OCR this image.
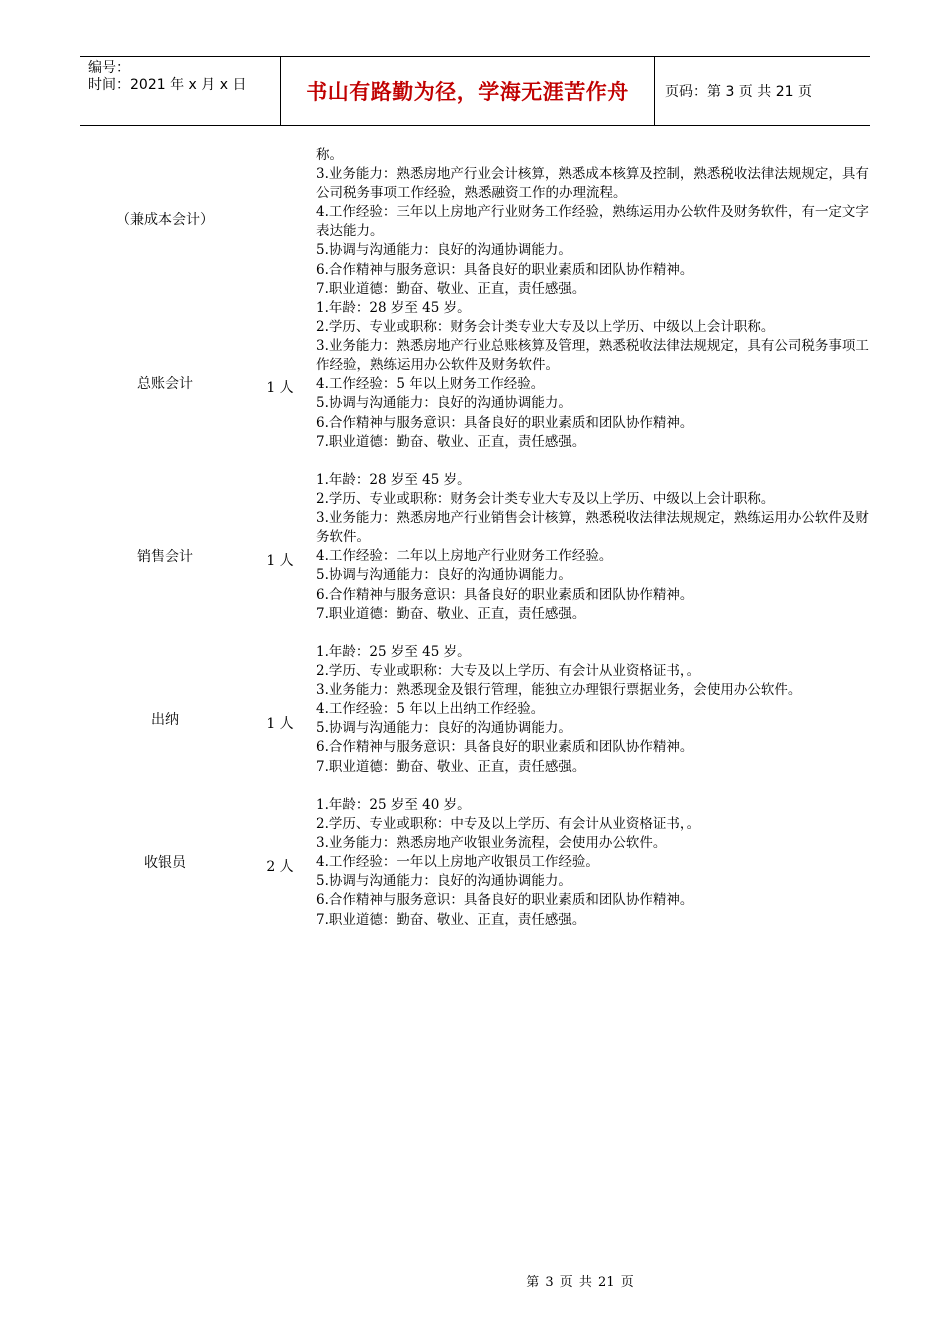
编号：
时间：2021 年 x 月 x 日	书山有路勤为径，学海无涯苦作舟	页码：第 3 页 共 21 页
（兼成本会计）
称。
3.业务能力：熟悉房地产行业会计核算，熟悉成本核算及控制，熟悉税收法律法规规定，具有公司税务事项工作经验，熟悉融资工作的办理流程。
4.工作经验：三年以上房地产行业财务工作经验，熟练运用办公软件及财务软件，有一定文字表达能力。
5.协调与沟通能力：良好的沟通协调能力。
6.合作精神与服务意识：具备良好的职业素质和团队协作精神。
7.职业道德：勤奋、敬业、正直，责任感强。
总账会计	1 人
1.年龄：28 岁至 45 岁。
2.学历、专业或职称：财务会计类专业大专及以上学历、中级以上会计职称。
3.业务能力：熟悉房地产行业总账核算及管理，熟悉税收法律法规规定，具有公司税务事项工作经验，熟练运用办公软件及财务软件。
4.工作经验：5 年以上财务工作经验。
5.协调与沟通能力：良好的沟通协调能力。
6.合作精神与服务意识：具备良好的职业素质和团队协作精神。
7.职业道德：勤奋、敬业、正直，责任感强。
销售会计	1 人
1.年龄：28 岁至 45 岁。
2.学历、专业或职称：财务会计类专业大专及以上学历、中级以上会计职称。
3.业务能力：熟悉房地产行业销售会计核算，熟悉税收法律法规规定，熟练运用办公软件及财务软件。
4.工作经验：二年以上房地产行业财务工作经验。
5.协调与沟通能力：良好的沟通协调能力。
6.合作精神与服务意识：具备良好的职业素质和团队协作精神。
7.职业道德：勤奋、敬业、正直，责任感强。
出纳	1 人
1.年龄：25 岁至 45 岁。
2.学历、专业或职称：大专及以上学历、有会计从业资格证书，。
3.业务能力：熟悉现金及银行管理，能独立办理银行票据业务，会使用办公软件。
4.工作经验：5 年以上出纳工作经验。
5.协调与沟通能力：良好的沟通协调能力。
6.合作精神与服务意识：具备良好的职业素质和团队协作精神。
7.职业道德：勤奋、敬业、正直，责任感强。
收银员	2 人
1.年龄：25 岁至 40 岁。
2.学历、专业或职称：中专及以上学历、有会计从业资格证书，。
3.业务能力：熟悉房地产收银业务流程，会使用办公软件。
4.工作经验：一年以上房地产收银员工作经验。
5.协调与沟通能力：良好的沟通协调能力。
6.合作精神与服务意识：具备良好的职业素质和团队协作精神。
7.职业道德：勤奋、敬业、正直，责任感强。
第 3 页 共 21 页
